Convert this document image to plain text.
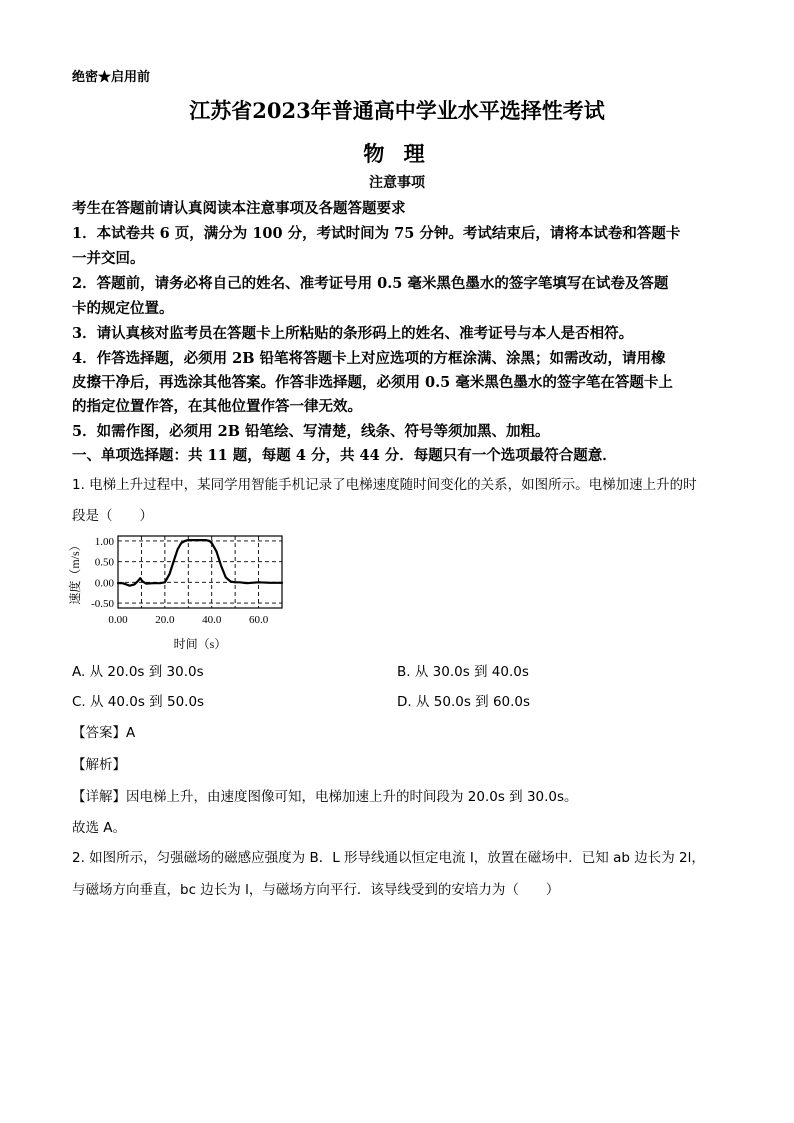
绝密★启用前
江苏省2023年普通高中学业水平选择性考试
物 理
注意事项
考生在答题前请认真阅读本注意事项及各题答题要求
1．本试卷共 6 页，满分为 100 分，考试时间为 75 分钟。考试结束后，请将本试卷和答题卡
一并交回。
2．答题前，请务必将自己的姓名、准考证号用 0.5 毫米黑色墨水的签字笔填写在试卷及答题
卡的规定位置。
3．请认真核对监考员在答题卡上所粘贴的条形码上的姓名、准考证号与本人是否相符。
4．作答选择题，必须用 2B 铅笔将答题卡上对应选项的方框涂满、涂黑；如需改动，请用橡
皮擦干净后，再选涂其他答案。作答非选择题，必须用 0.5 毫米黑色墨水的签字笔在答题卡上
的指定位置作答，在其他位置作答一律无效。
5．如需作图，必须用 2B 铅笔绘、写清楚，线条、符号等须加黑、加粗。
一、单项选择题：共 11 题，每题 4 分，共 44 分．每题只有一个选项最符合题意．
1. 电梯上升过程中，某同学用智能手机记录了电梯速度随时间变化的关系，如图所示。电梯加速上升的时
段是（　　）
1.00
0.50
0.00
-0.50
0.00	20.0	40.0	60.0
速度（m/s）
时间（s）
A. 从 20.0s 到 30.0s	B. 从 30.0s 到 40.0s
C. 从 40.0s 到 50.0s	D. 从 50.0s 到 60.0s
【答案】A
【解析】
【详解】因电梯上升，由速度图像可知，电梯加速上升的时间段为 20.0s 到 30.0s。
故选 A。
2. 如图所示，匀强磁场的磁感应强度为 B．L 形导线通以恒定电流 I，放置在磁场中．已知 ab 边长为 2l，
与磁场方向垂直，bc 边长为 l，与磁场方向平行．该导线受到的安培力为（　　）
